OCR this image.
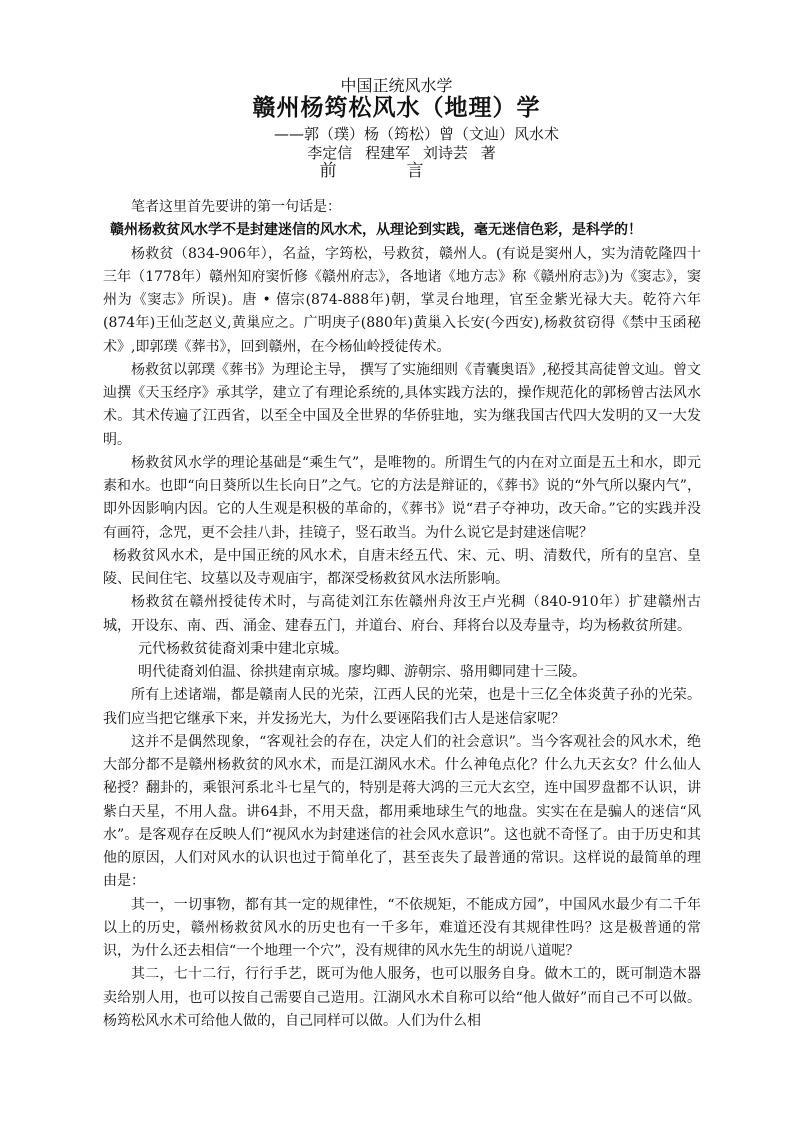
中国正统风水学
赣州杨筠松风水（地理）学
——郭（璞）杨（筠松）曾（文辿）风水术
李定信 程建军 刘诗芸 著
前言

笔者这里首先要讲的第一句话是：

赣州杨救贫风水学不是封建迷信的风水术，从理论到实践，毫无迷信色彩，是科学的！

杨救贫（834-906年），名益，字筠松，号救贫，赣州人。(有说是窦州人，实为清乾隆四十三年（1778年）赣州知府窦忻修《赣州府志》，各地诸《地方志》称《赣州府志》)为《窦志》，窦州为《窦志》所误)。唐 • 僖宗(874-888年)朝，掌灵台地理，官至金紫光禄大夫。乾符六年(874年)王仙芝赵义,黄巢应之。广明庚子(880年)黄巢入长安(今西安),杨救贫窃得《禁中玉函秘术》,即郭璞《葬书》，回到赣州，在今杨仙岭授徒传术。

杨救贫以郭璞《葬书》为理论主导， 撰写了实施细则《青囊奥语》,秘授其高徒曾文辿。曾文辿撰《天玉经序》承其学，建立了有理论系统的,具体实践方法的，操作规范化的郭杨曾古法风水术。其术传遍了江西省，以至全中国及全世界的华侨驻地，实为继我国古代四大发明的又一大发明。

杨救贫风水学的理论基础是“乘生气”，是唯物的。所谓生气的内在对立面是五土和水，即元素和水。也即“向日葵所以生长向日”之气。它的方法是辩证的，《葬书》说的“外气所以聚内气”，即外因影响内因。它的人生观是积极的革命的，《葬书》说“君子夺神功，改天命。”它的实践并没有画符，念咒，更不会挂八卦，挂镜子，竖石敢当。为什么说它是封建迷信呢？

杨救贫风水术，是中国正统的风水术，自唐末经五代、宋、元、明、清数代，所有的皇宫、皇陵、民间住宅、坟墓以及寺观庙宇，都深受杨救贫风水法所影响。

杨救贫在赣州授徒传术时，与高徒刘江东佐赣州舟汝王卢光稠（840-910年）扩建赣州古城，开设东、南、西、涌金、建春五门，并道台、府台、拜将台以及寿量寺，均为杨救贫所建。

元代杨救贫徒裔刘秉中建北京城。

明代徒裔刘伯温、徐拱建南京城。廖均卿、游朝宗、骆用卿同建十三陵。

所有上述诸端，都是赣南人民的光荣，江西人民的光荣，也是十三亿全体炎黄子孙的光荣。我们应当把它继承下来，并发扬光大，为什么要诬陷我们古人是迷信家呢？

这并不是偶然现象，“客观社会的存在，决定人们的社会意识”。当今客观社会的风水术，绝大部分都不是赣州杨救贫的风水术，而是江湖风水术。什么神龟点化？什么九天玄女？什么仙人秘授？翻卦的，乘银河系北斗七星气的，特别是蒋大鸿的三元大玄空，连中国罗盘都不认识，讲紫白天星，不用人盘。讲64卦，不用天盘，都用乘地球生气的地盘。实实在在是骗人的迷信“风水”。是客观存在反映人们“视风水为封建迷信的社会风水意识”。这也就不奇怪了。由于历史和其他的原因，人们对风水的认识也过于简单化了，甚至丧失了最普通的常识。这样说的最简单的理由是：

其一，一切事物，都有其一定的规律性，“不依规矩，不能成方园”，中国风水最少有二千年以上的历史，赣州杨救贫风水的历史也有一千多年，难道还没有其规律性吗？这是极普通的常识，为什么还去相信“一个地理一个穴”，没有规律的风水先生的胡说八道呢？

其二，七十二行，行行手艺，既可为他人服务，也可以服务自身。做木工的，既可制造木器卖给别人用，也可以按自己需要自己造用。江湖风水术自称可以给“他人做好”而自己不可以做。杨筠松风水术可给他人做的，自己同样可以做。人们为什么相
